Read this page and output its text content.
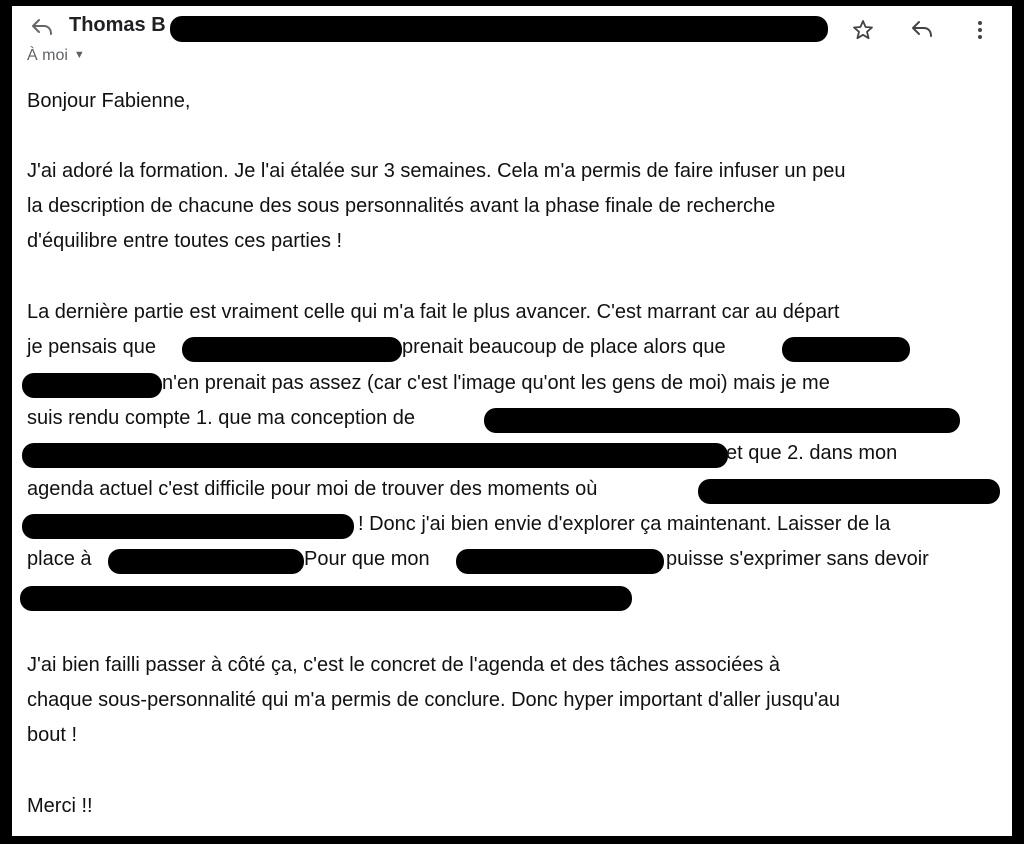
Thomas B
À moi ▼
Bonjour Fabienne,
J'ai adoré la formation. Je l'ai étalée sur 3 semaines. Cela m'a permis de faire infuser un peu
la description de chacune des sous personnalités avant la phase finale de recherche
d'équilibre entre toutes ces parties !
La dernière partie est vraiment celle qui m'a fait le plus avancer. C'est marrant car au départ
je pensais que	prenait beaucoup de place alors que
n'en prenait pas assez (car c'est l'image qu'ont les gens de moi) mais je me
suis rendu compte 1. que ma conception de
et que 2. dans mon
agenda actuel c'est difficile pour moi de trouver des moments où
! Donc j'ai bien envie d'explorer ça maintenant. Laisser de la
place à	Pour que mon	puisse s'exprimer sans devoir
J'ai bien failli passer à côté ça, c'est le concret de l'agenda et des tâches associées à
chaque sous-personnalité qui m'a permis de conclure. Donc hyper important d'aller jusqu'au
bout !
Merci !!
